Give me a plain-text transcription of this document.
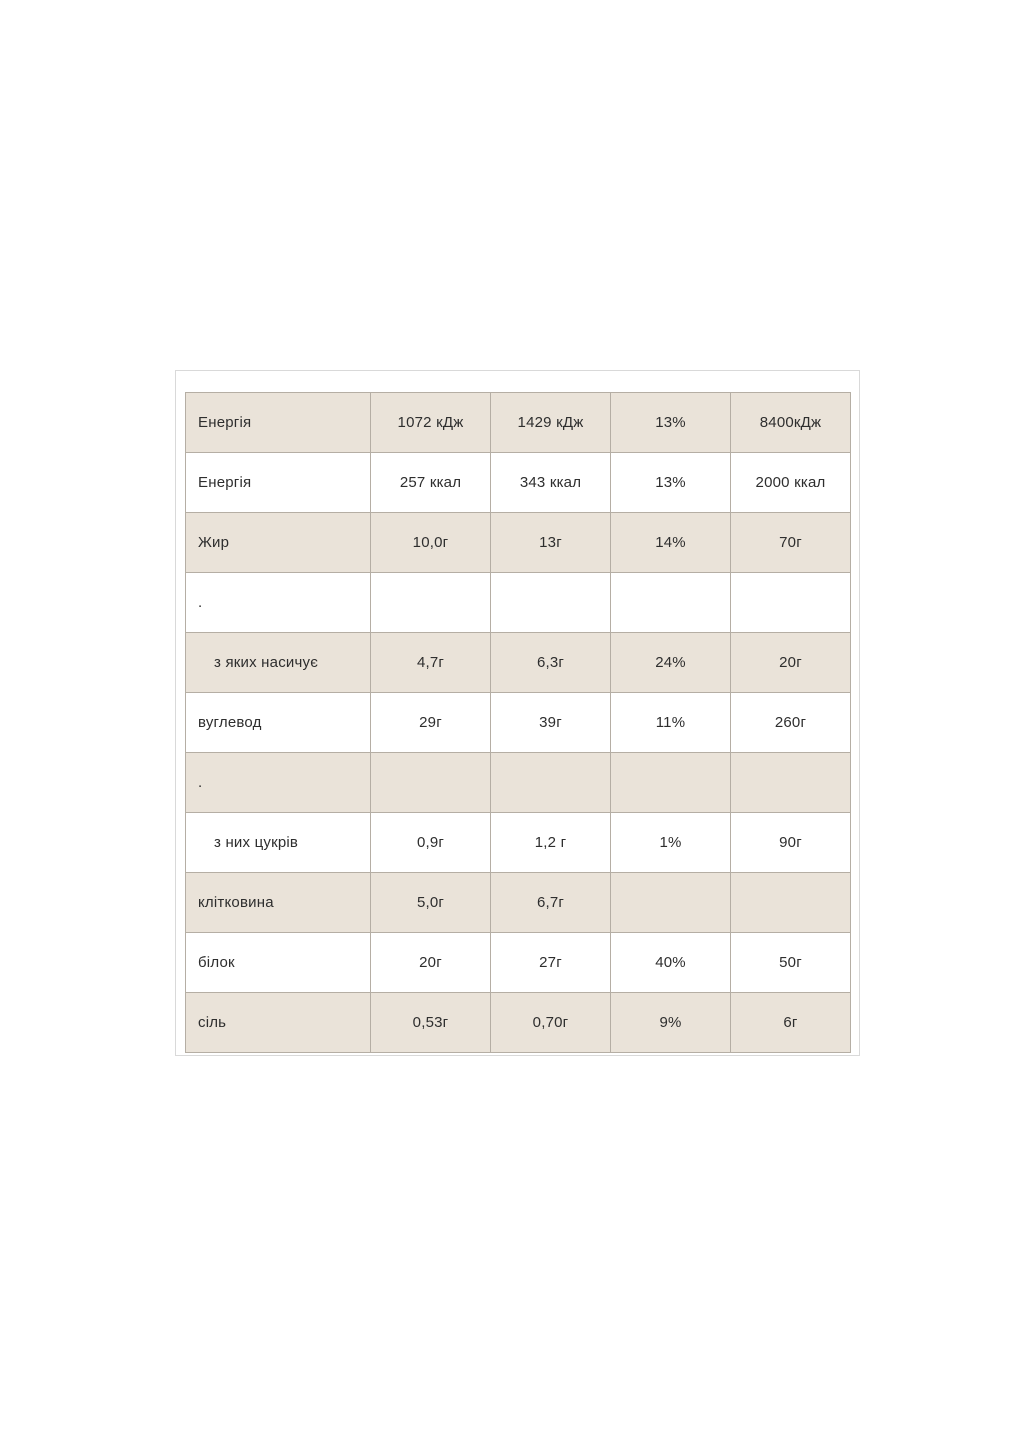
Енергія	1072 кДж	1429 кДж	13%	8400кДж
Енергія	257 ккал	343 ккал	13%	2000 ккал
Жир	10,0г	13г	14%	70г
.				
з яких насичує	4,7г	6,3г	24%	20г
вуглевод	29г	39г	11%	260г
.				
з них цукрів	0,9г	1,2 г	1%	90г
клітковина	5,0г	6,7г		
білок	20г	27г	40%	50г
сіль	0,53г	0,70г	9%	6г
